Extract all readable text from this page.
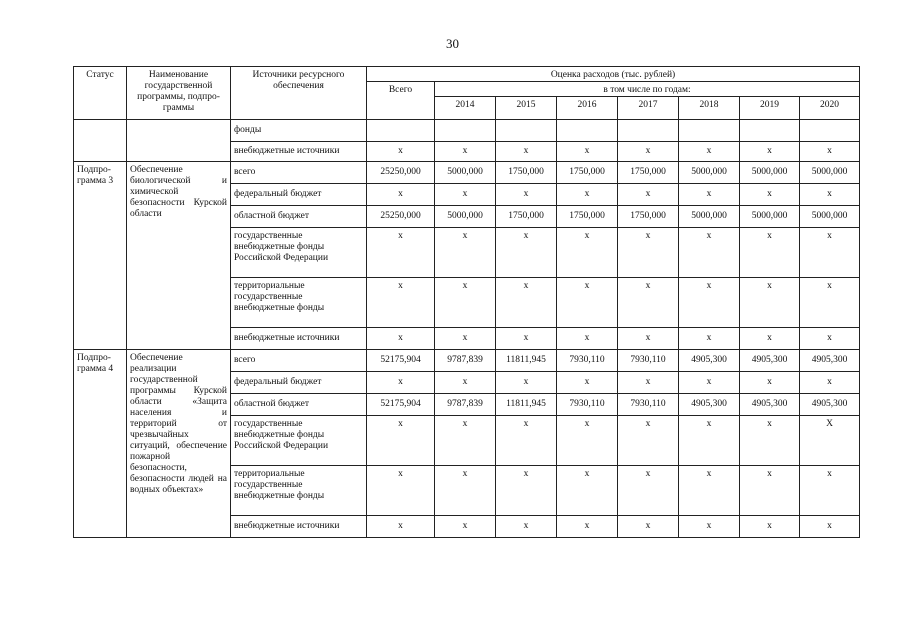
30
Статус	Наименование государственной программы, подпро-граммы	Источники ресурсного обеспечения	Оценка расходов (тыс. рублей)							
			Всего	в том числе по годам:						
				2014	2015	2016	2017	2018	2019	2020
		фонды								
		внебюджетные источники	x	x	x	x	x	x	x	x
Подпро-грамма 3	Обеспечение биологической и химической безопасности Курской области	всего	25250,000	5000,000	1750,000	1750,000	1750,000	5000,000	5000,000	5000,000
		федеральный бюджет	x	x	x	x	x	x	x	x
		областной бюджет	25250,000	5000,000	1750,000	1750,000	1750,000	5000,000	5000,000	5000,000
		государственные внебюджетные фонды Российской Федерации	x	x	x	x	x	x	x	x
		территориальные государственные внебюджетные фонды	x	x	x	x	x	x	x	x
		внебюджетные источники	x	x	x	x	x	x	x	x
Подпро-грамма 4	Обеспечение реализации государственной программы Курской области «Защита населения и территорий от чрезвычайных ситуаций, обеспечение пожарной безопасности, безопасности людей на водных объектах»	всего	52175,904	9787,839	11811,945	7930,110	7930,110	4905,300	4905,300	4905,300
		федеральный бюджет	x	x	x	x	x	x	x	x
		областной бюджет	52175,904	9787,839	11811,945	7930,110	7930,110	4905,300	4905,300	4905,300
		государственные внебюджетные фонды Российской Федерации	x	x	x	x	x	x	x	X
		территориальные государственные внебюджетные фонды	x	x	x	x	x	x	x	x
		внебюджетные источники	x	x	x	x	x	x	x	x
